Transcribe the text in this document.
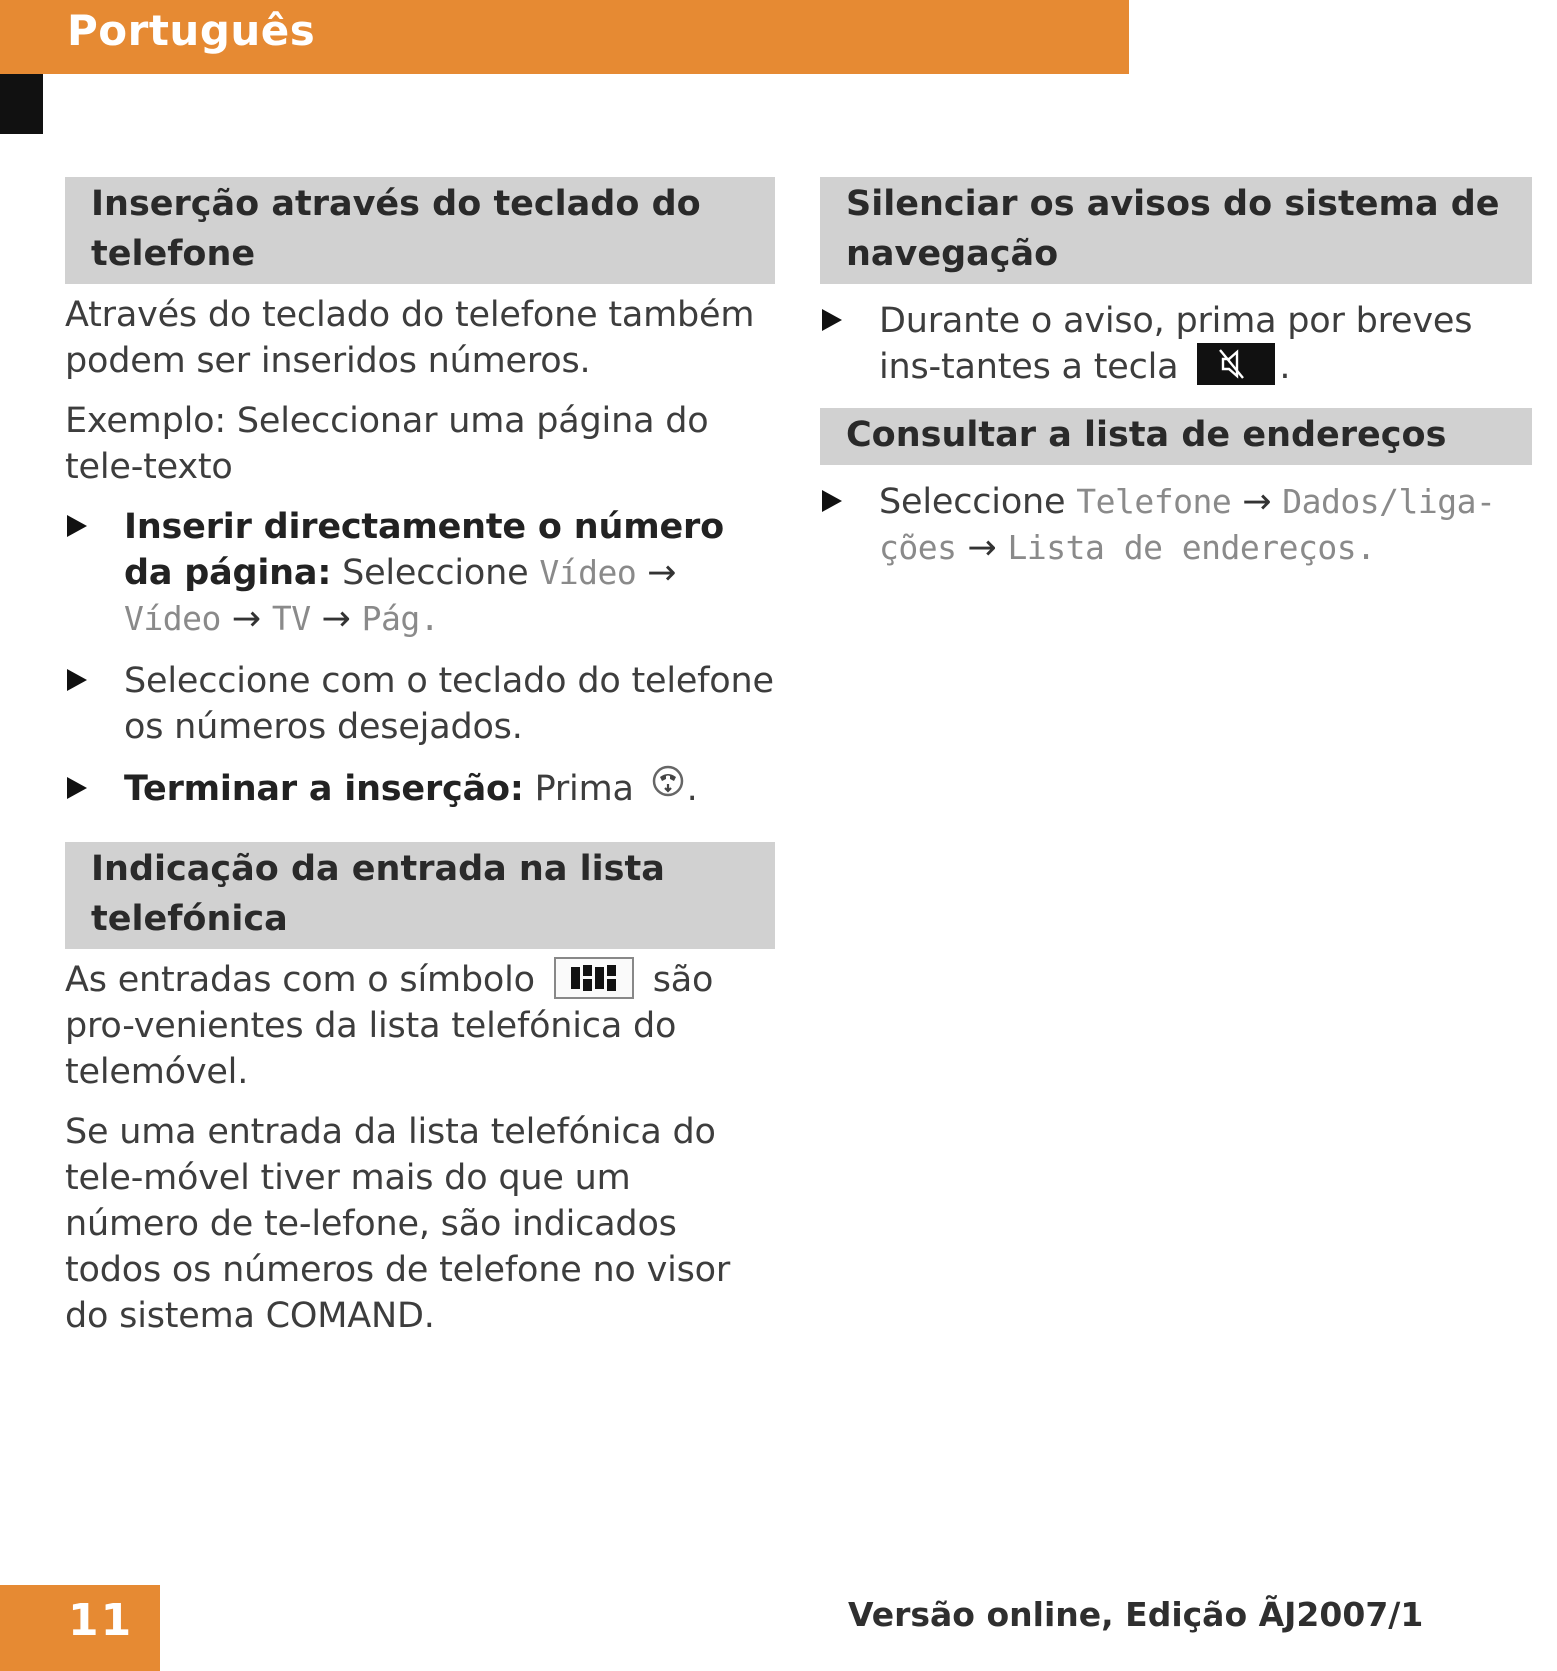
Português
Inserção através do teclado do telefone

Através do teclado do telefone também podem ser inseridos números.

Exemplo: Seleccionar uma página do tele-texto

Inserir directamente o número da página: Seleccione Vídeo → Vídeo → TV → Pág.
Seleccione com o teclado do telefone os números desejados.
Terminar a inserção: Prima .
Indicação da entrada na lista telefónica

As entradas com o símbolo	são pro-venientes da lista telefónica do telemóvel.

Se uma entrada da lista telefónica do tele-móvel tiver mais do que um número de te-lefone, são indicados todos os números de telefone no visor do sistema COMAND.

Silenciar os avisos do sistema de navegação
Durante o aviso, prima por breves ins-tantes a tecla	.
Consultar a lista de endereços
Seleccione Telefone → Dados/liga-ções → Lista de endereços.
11	Versão online, Edição ÃJ2007/1
